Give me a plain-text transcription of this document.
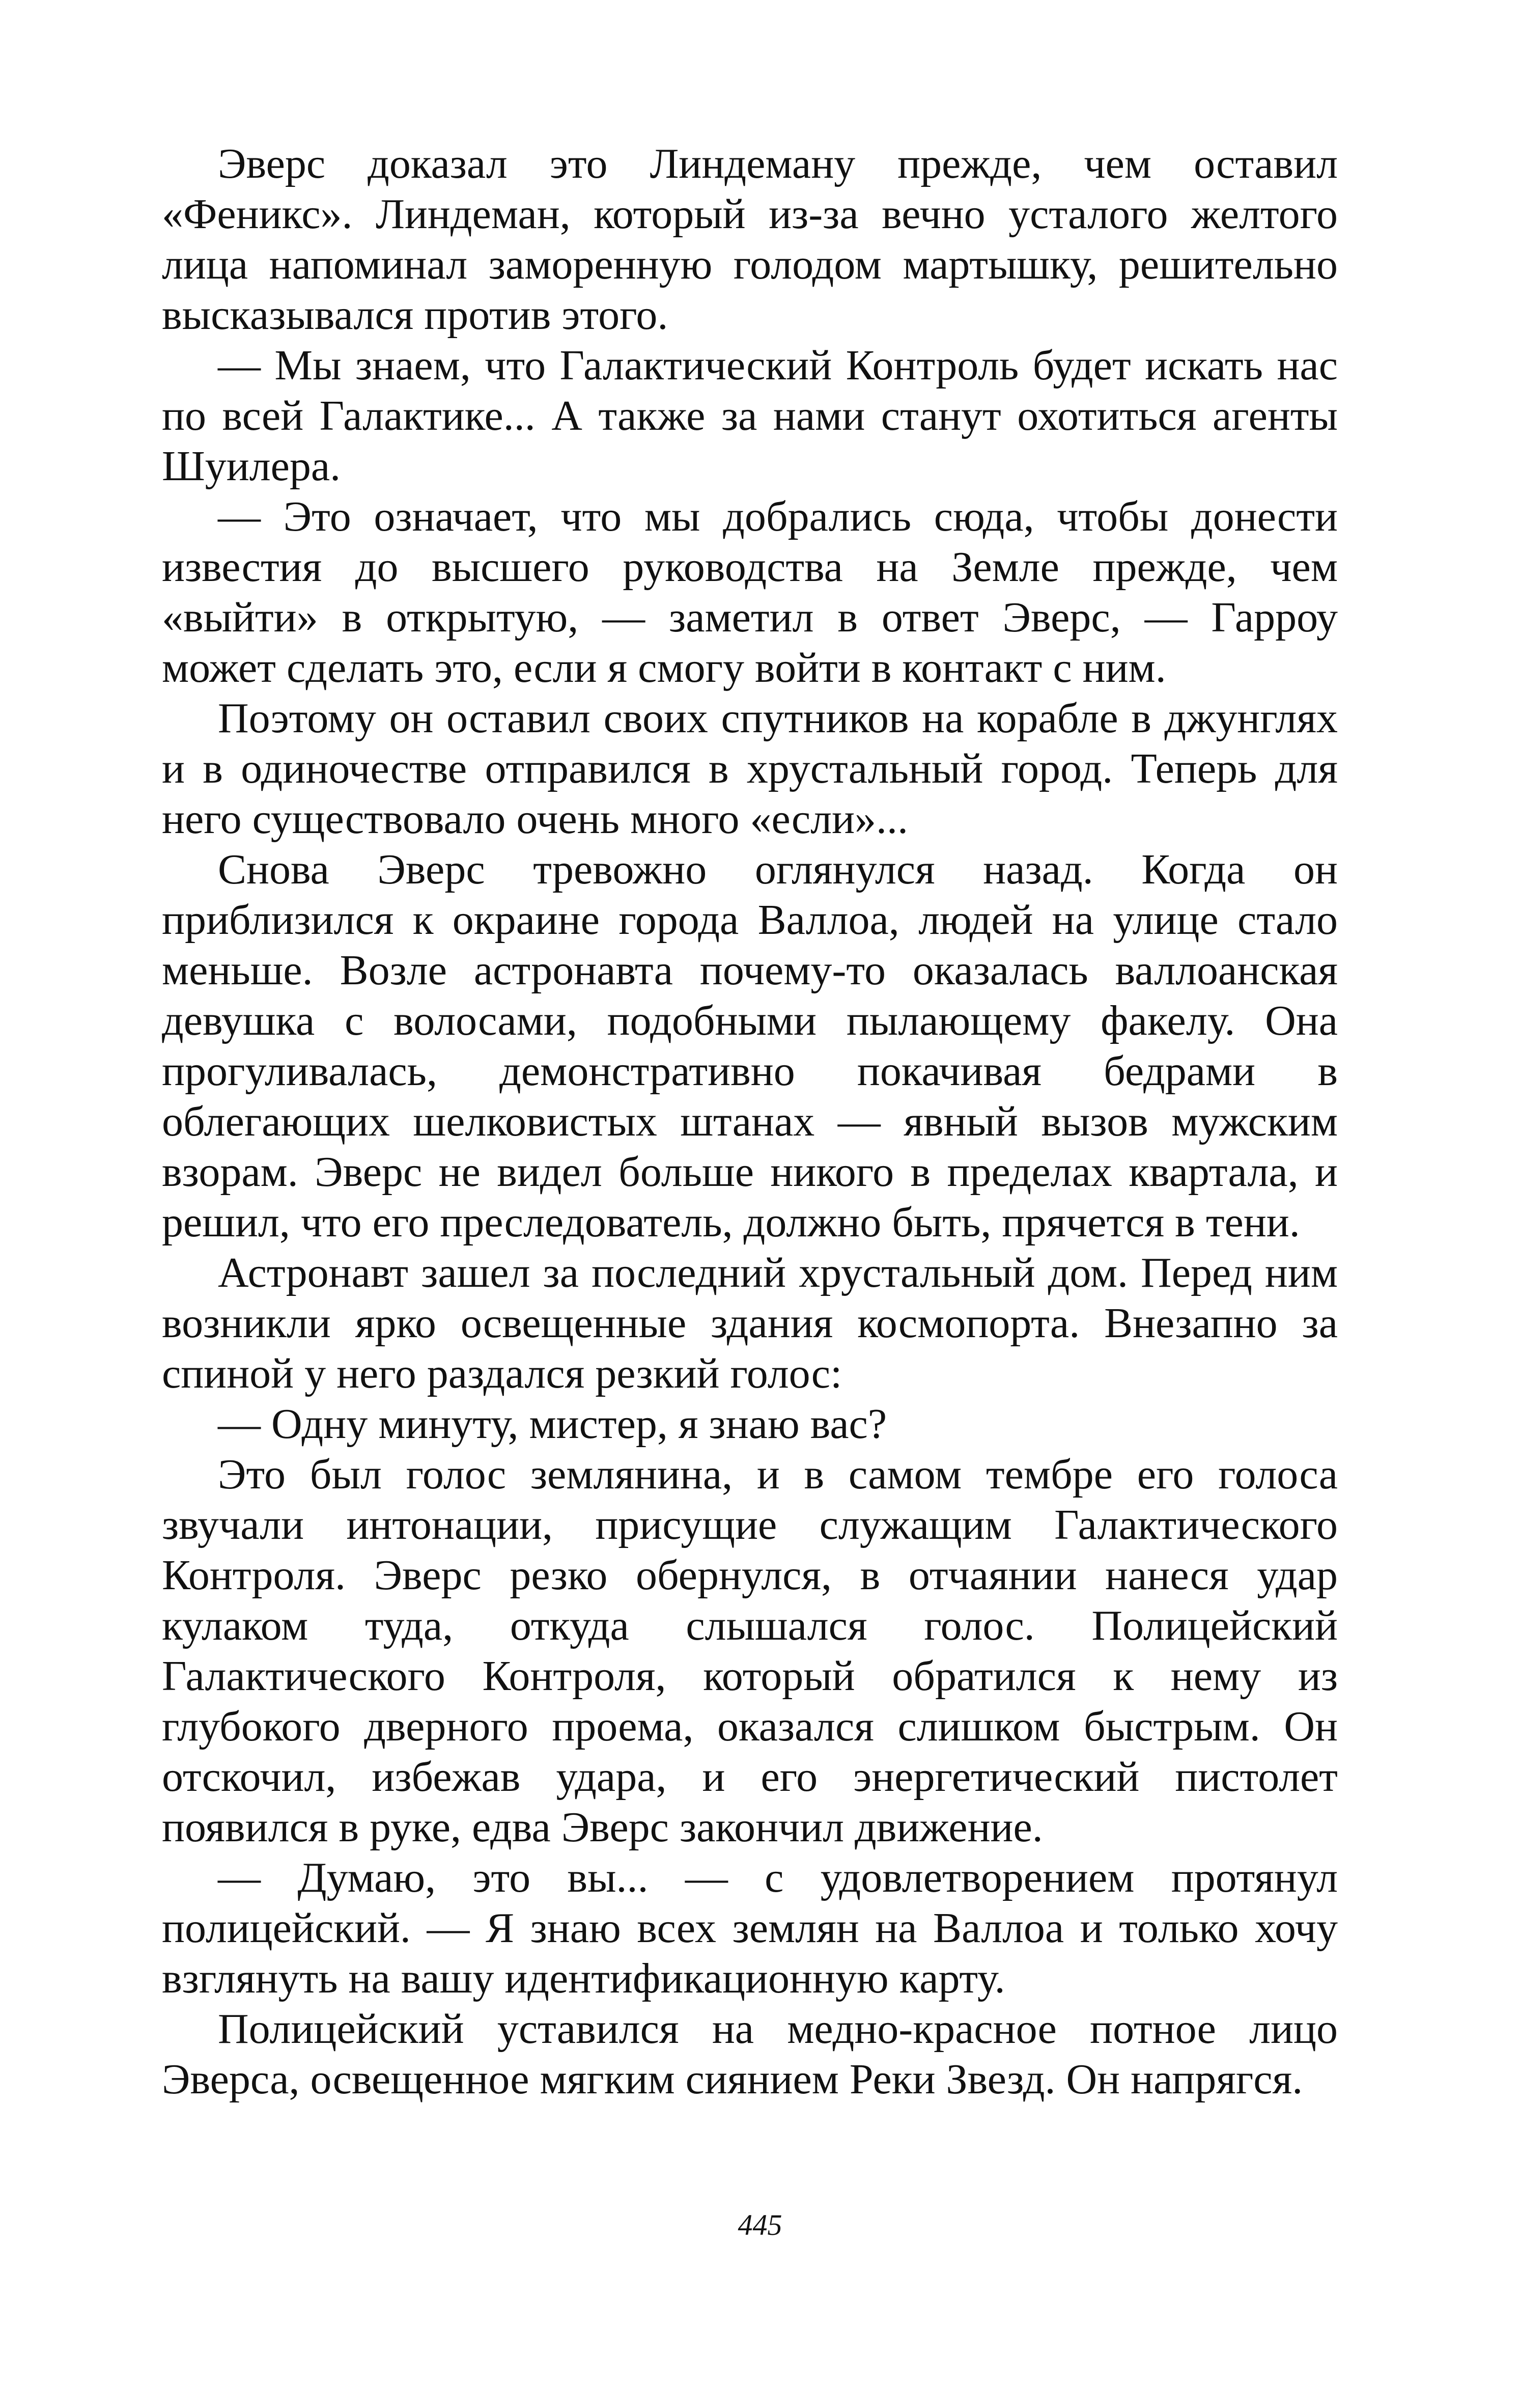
Эверс доказал это Линдеману прежде, чем оставил «Феникс». Линдеман, который из-за вечно усталого желтого лица напоминал заморенную голодом мартышку, решительно высказывался против этого.

— Мы знаем, что Галактический Контроль будет искать нас по всей Галактике... А также за нами станут охотиться агенты Шуилера.

— Это означает, что мы добрались сюда, чтобы донести известия до высшего руководства на Земле прежде, чем «выйти» в открытую, — заметил в ответ Эверс, — Гарроу может сделать это, если я смогу войти в контакт с ним.

Поэтому он оставил своих спутников на корабле в джунглях и в одиночестве отправился в хрустальный город. Теперь для него существовало очень много «если»...

Снова Эверс тревожно оглянулся назад. Когда он приблизился к окраине города Валлоа, людей на улице стало меньше. Возле астронавта почему-то оказалась валлоанская девушка с волосами, подобными пылающему факелу. Она прогуливалась, демонстративно покачивая бедрами в облегающих шелковистых штанах — явный вызов мужским взорам. Эверс не видел больше никого в пределах квартала, и решил, что его преследователь, должно быть, прячется в тени.

Астронавт зашел за последний хрустальный дом. Перед ним возникли ярко освещенные здания космопорта. Внезапно за спиной у него раздался резкий голос:

— Одну минуту, мистер, я знаю вас?

Это был голос землянина, и в самом тембре его голоса звучали интонации, присущие служащим Галактического Контроля. Эверс резко обернулся, в отчаянии нанеся удар кулаком туда, откуда слышался голос. Полицейский Галактического Контроля, который обратился к нему из глубокого дверного проема, оказался слишком быстрым. Он отскочил, избежав удара, и его энергетический пистолет появился в руке, едва Эверс закончил движение.

— Думаю, это вы... — с удовлетворением протянул полицейский. — Я знаю всех землян на Валлоа и только хочу взглянуть на вашу идентификационную карту.

Полицейский уставился на медно-красное потное лицо Эверса, освещенное мягким сиянием Реки Звезд. Он напрягся.

445
